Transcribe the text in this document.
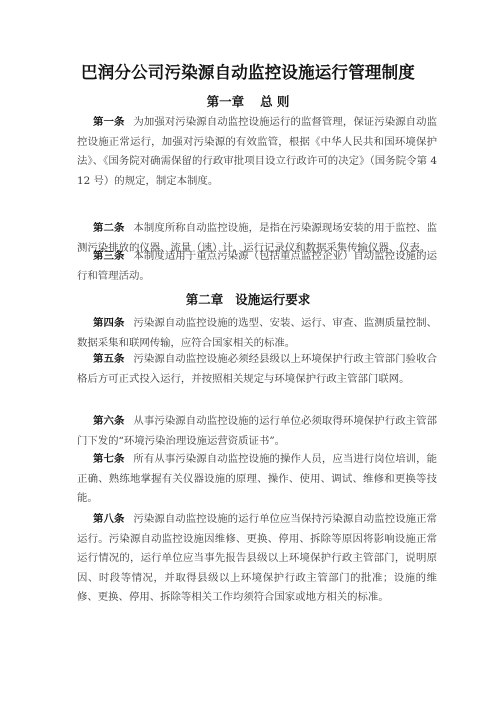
巴润分公司污染源自动监控设施运行管理制度
第一章 总 则

第一条 为加强对污染源自动监控设施运行的监督管理，保证污染源自动监控设施正常运行，加强对污染源的有效监管，根据《中华人民共和国环境保护法》、《国务院对确需保留的行政审批项目设立行政许可的决定》（国务院令第 412 号）的规定，制定本制度。

第二条 本制度所称自动监控设施，是指在污染源现场安装的用于监控、监测污染排放的仪器、流量（速）计、运行记录仪和数据采集传输仪器、仪表。

第三条 本制度适用于重点污染源（包括重点监控企业）自动监控设施的运行和管理活动。

第二章 设施运行要求

第四条 污染源自动监控设施的选型、安装、运行、审查、监测质量控制、数据采集和联网传输，应符合国家相关的标准。

第五条 污染源自动监控设施必须经县级以上环境保护行政主管部门验收合格后方可正式投入运行，并按照相关规定与环境保护行政主管部门联网。

第六条 从事污染源自动监控设施的运行单位必须取得环境保护行政主管部门下发的“环境污染治理设施运营资质证书”。

第七条 所有从事污染源自动监控设施的操作人员，应当进行岗位培训，能正确、熟练地掌握有关仪器设施的原理、操作、使用、调试、维修和更换等技能。

第八条 污染源自动监控设施的运行单位应当保持污染源自动监控设施正常运行。污染源自动监控设施因维修、更换、停用、拆除等原因将影响设施正常运行情况的，运行单位应当事先报告县级以上环境保护行政主管部门，说明原因、时段等情况，并取得县级以上环境保护行政主管部门的批准；设施的维修、更换、停用、拆除等相关工作均须符合国家或地方相关的标准。
